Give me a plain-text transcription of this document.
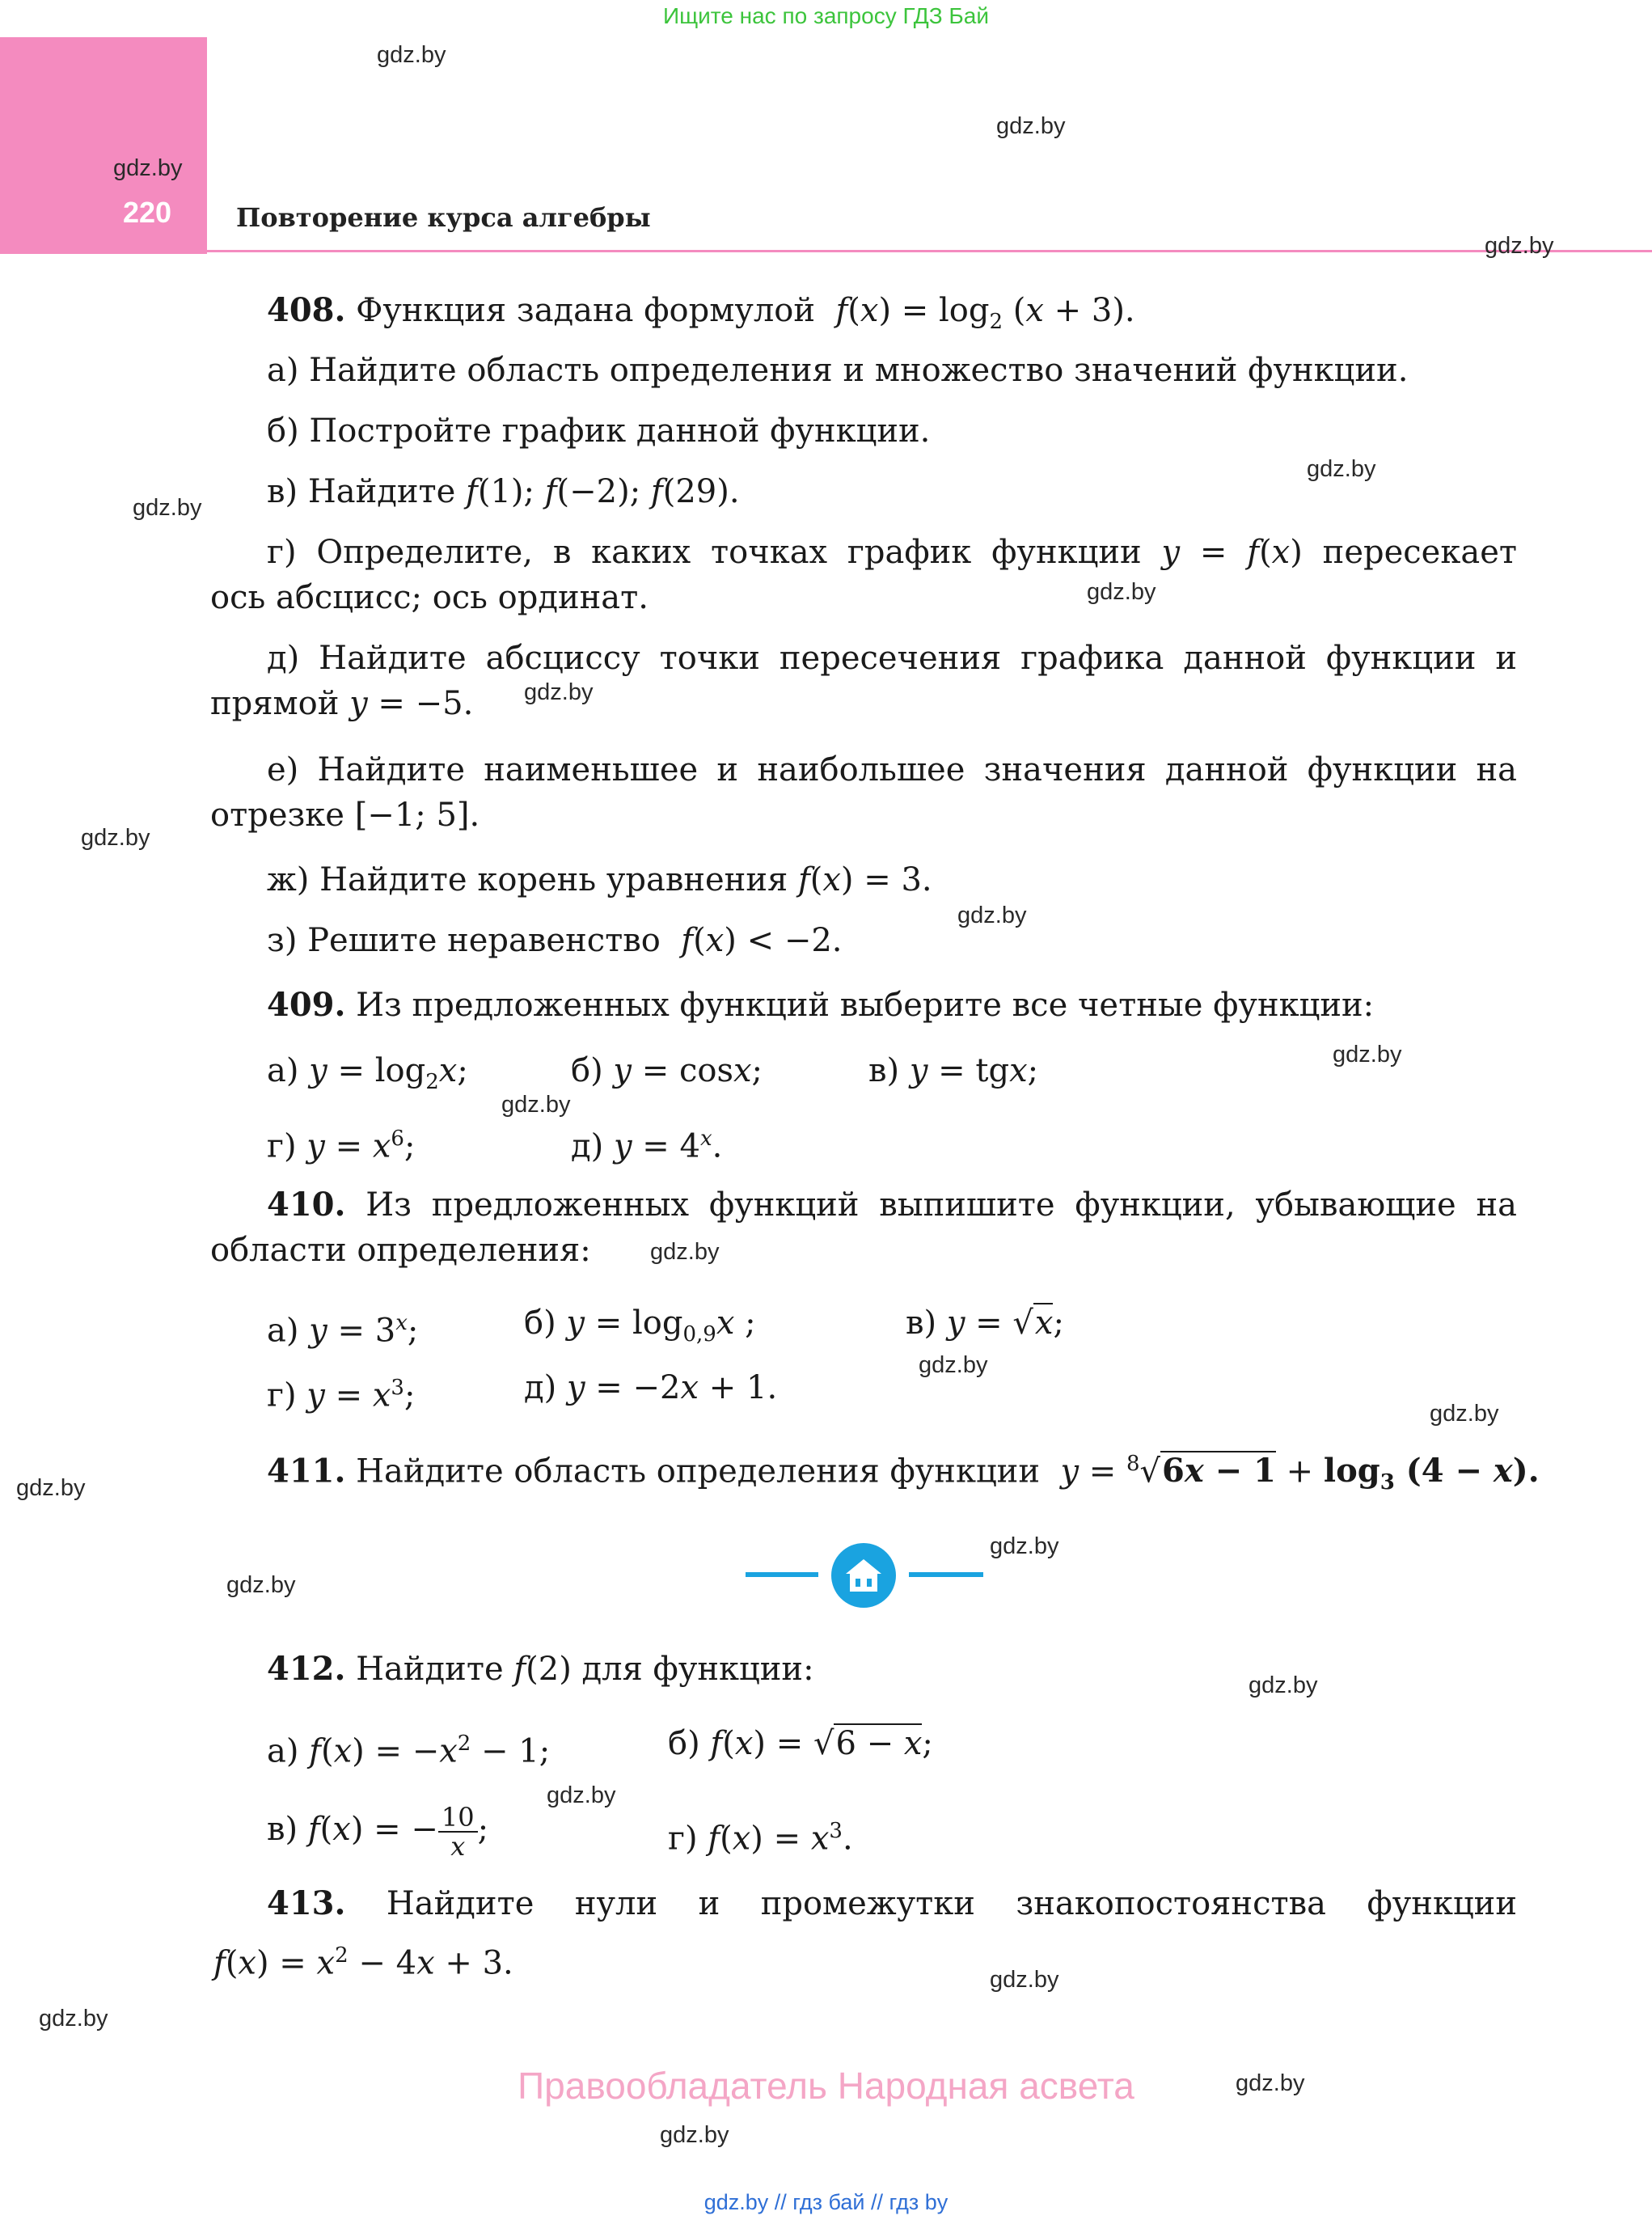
Ищите нас по запросу ГДЗ Бай
220	Повторение курса алгебры
gdz.by
gdz.by
gdz.by
gdz.by
gdz.by
gdz.by
gdz.by
gdz.by
gdz.by
gdz.by
gdz.by
gdz.by
gdz.by
gdz.by
gdz.by
gdz.by
gdz.by
gdz.by
gdz.by
gdz.by
gdz.by
gdz.by
gdz.by
gdz.by
408. Функция задана формулой $f(x) = \log_2 (x + 3)$.
а) Найдите область определения и множество значений функции.
б) Постройте график данной функции.
в) Найдите f(1); f(−2); f(29).
г) Определите, в каких точках график функции y = f(x) пересекает
ось абсцисс; ось ординат.
д) Найдите абсциссу точки пересечения графика данной функции и
прямой y = −5.
е) Найдите наименьшее и наибольшее значения данной функции на
отрезке [−1; 5].
ж) Найдите корень уравнения f(x) = 3.
з) Решите неравенство f(x) < −2.
409. Из предложенных функций выберите все четные функции:
а) $y = \log_2x$;	б) y = cosx;	в) y = tgx;
г) $y = x^6$;	д) $y = 4^x$.
410. Из предложенных функций выпишите функции, убывающие на
области определения:
а) $y = 3^x$;	б) $y = \log_{0,9}x$ ;	в) y = √x;
г) $y = x^3$;	д) y = −2x + 1.
411. Найдите область определения функции $y = ^8√6x - 1 + \log_3 (4 - x)$.
412. Найдите f(2) для функции:
а) $f(x) = -x^2 - 1$;	б) f(x) = √6 − x;
в) f(x) = − $\frac{10}{x}$ ;	г) $f(x) = x^3$.
413. Найдите нули и промежутки знакопостоянства функции
$f(x) = x^2 - 4x + 3$.
Правообладатель Народная асвета
gdz.by // гдз бай // гдз by
